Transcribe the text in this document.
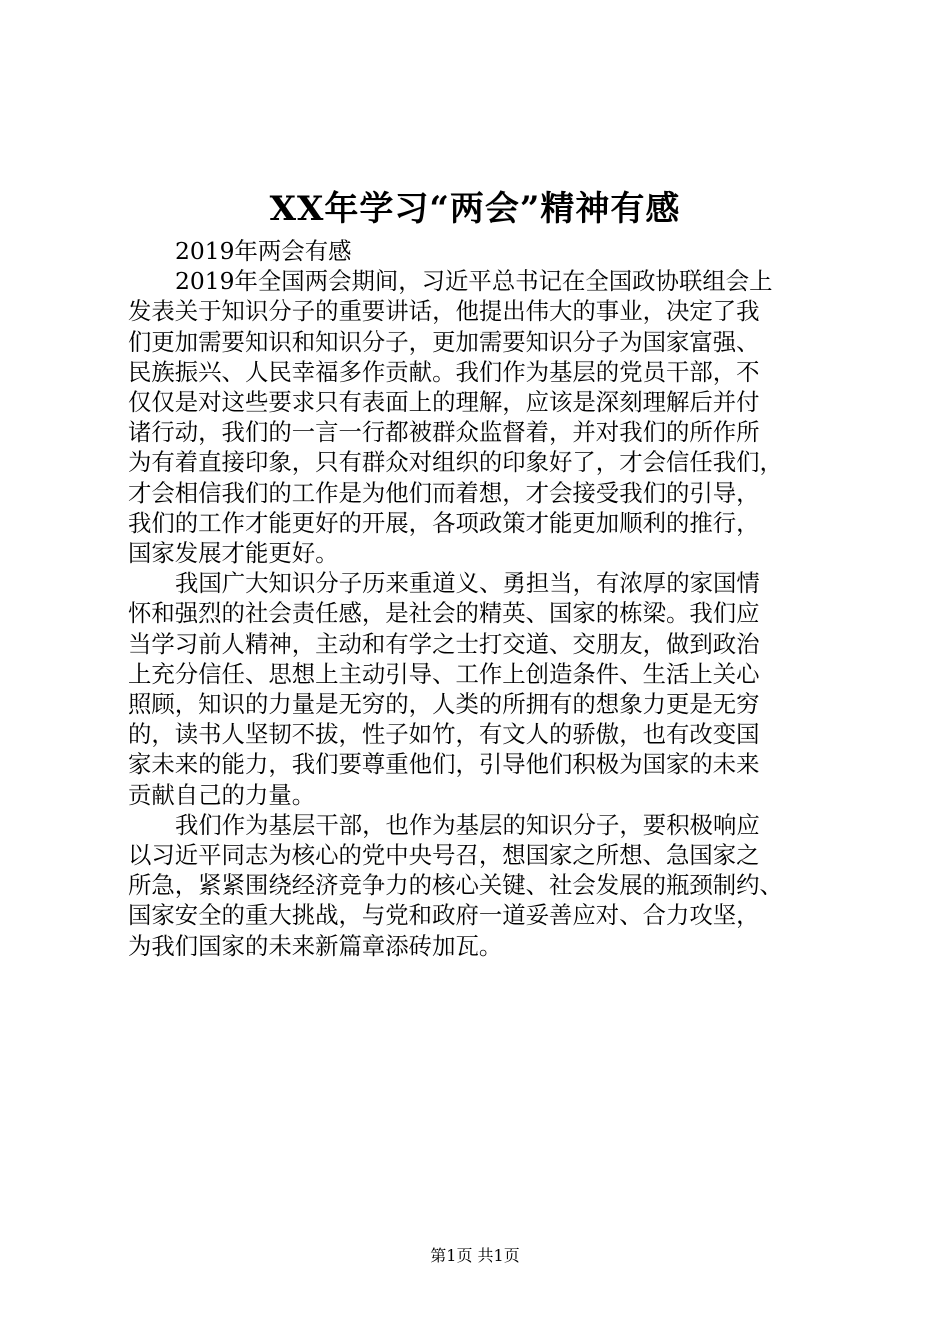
XX年学习“两会”精神有感
2019年两会有感
2019年全国两会期间，习近平总书记在全国政协联组会上
发表关于知识分子的重要讲话，他提出伟大的事业，决定了我
们更加需要知识和知识分子，更加需要知识分子为国家富强、
民族振兴、人民幸福多作贡献。我们作为基层的党员干部，不
仅仅是对这些要求只有表面上的理解，应该是深刻理解后并付
诸行动，我们的一言一行都被群众监督着，并对我们的所作所
为有着直接印象，只有群众对组织的印象好了，才会信任我们，
才会相信我们的工作是为他们而着想，才会接受我们的引导，
我们的工作才能更好的开展，各项政策才能更加顺利的推行，
国家发展才能更好。
我国广大知识分子历来重道义、勇担当，有浓厚的家国情
怀和强烈的社会责任感，是社会的精英、国家的栋梁。我们应
当学习前人精神，主动和有学之士打交道、交朋友，做到政治
上充分信任、思想上主动引导、工作上创造条件、生活上关心
照顾，知识的力量是无穷的，人类的所拥有的想象力更是无穷
的，读书人坚韧不拔，性子如竹，有文人的骄傲，也有改变国
家未来的能力，我们要尊重他们，引导他们积极为国家的未来
贡献自己的力量。
我们作为基层干部，也作为基层的知识分子，要积极响应
以习近平同志为核心的党中央号召，想国家之所想、急国家之
所急，紧紧围绕经济竞争力的核心关键、社会发展的瓶颈制约、
国家安全的重大挑战，与党和政府一道妥善应对、合力攻坚，
为我们国家的未来新篇章添砖加瓦。
第1页 共1页
